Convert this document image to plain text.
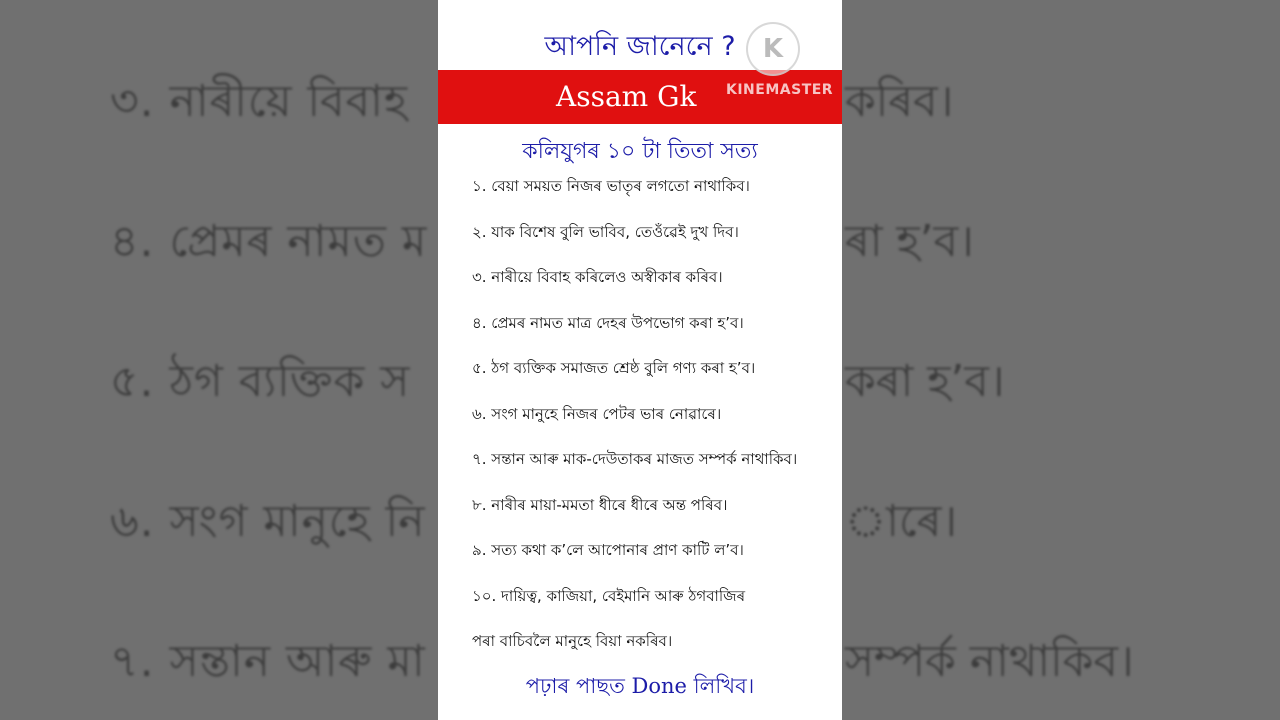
৩. নাৰীয়ে বিবাহ
৪. প্ৰেমৰ নামত ম
৫. ঠগ ব্যক্তিক স
৬. সংগ মানুহে নি
৭. সন্তান আৰু মা
কৰিব।
ৰা হ’ব।
কৰা হ’ব।
াৰে।
সম্পৰ্ক নাথাকিব।
আপনি জানেনে ?
Assam Gk
কলিযুগৰ ১০ টা তিতা সত্য
১. বেয়া সময়ত নিজৰ ভাতৃৰ লগতো নাথাকিব।
২. যাক বিশেষ বুলি ভাবিব, তেওঁৱেই দুখ দিব।
৩. নাৰীয়ে বিবাহ কৰিলেও অস্বীকাৰ কৰিব।
৪. প্ৰেমৰ নামত মাত্ৰ দেহৰ উপভোগ কৰা হ’ব।
৫. ঠগ ব্যক্তিক সমাজত শ্ৰেষ্ঠ বুলি গণ্য কৰা হ’ব।
৬. সংগ মানুহে নিজৰ পেটৰ ভাৰ নোৱাৰে।
৭. সন্তান আৰু মাক-দেউতাকৰ মাজত সম্পৰ্ক নাথাকিব।
৮. নাৰীৰ মায়া-মমতা ধীৰে ধীৰে অন্ত পৰিব।
৯. সত্য কথা ক’লে আপোনাৰ প্ৰাণ কাটি ল’ব।
১০. দায়িত্ব, কাজিয়া, বেইমানি আৰু ঠগবাজিৰ
পৰা বাচিবলৈ মানুহে বিয়া নকৰিব।
পঢ়াৰ পাছত Done লিখিব।
K
KINEMASTER
